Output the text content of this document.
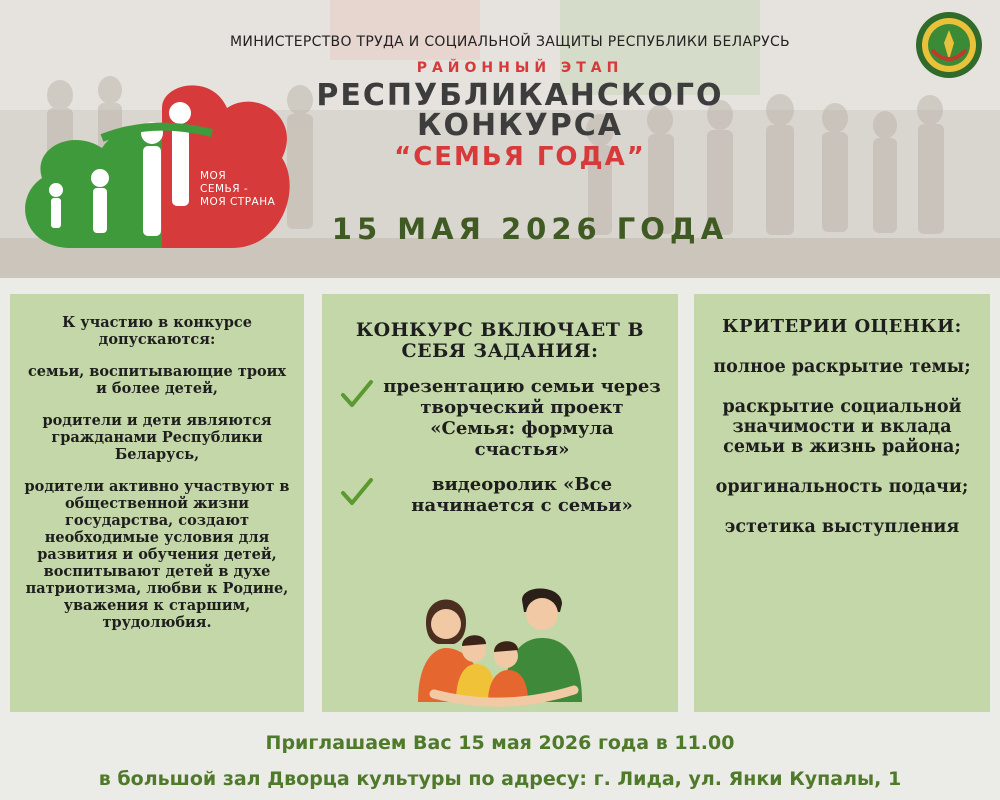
МИНИСТЕРСТВО ТРУДА И СОЦИАЛЬНОЙ ЗАЩИТЫ РЕСПУБЛИКИ БЕЛАРУСЬ
МОЯ
СЕМЬЯ -
МОЯ СТРАНА
РАЙОННЫЙ ЭТАП
РЕСПУБЛИКАНСКОГО
КОНКУРСА
“СЕМЬЯ ГОДА”
15 МАЯ 2026 ГОДА

К участию в конкурсе допускаются:

семьи, воспитывающие троих и более детей,

родители и дети являются гражданами Республики Беларусь,

родители активно участвуют в общественной жизни государства, создают необходимые условия для развития и обучения детей, воспитывают детей в духе патриотизма, любви к Родине, уважения к старшим, трудолюбия.

КОНКУРС ВКЛЮЧАЕТ В СЕБЯ ЗАДАНИЯ:
презентацию семьи через творческий проект «Семья: формула счастья»
видеоролик «Все начинается с семьи»
КРИТЕРИИ ОЦЕНКИ:

полное раскрытие темы;

раскрытие социальной значимости и вклада семьи в жизнь района;

оригинальность подачи;

эстетика выступления

Приглашаем Вас 15 мая 2026 года в 11.00
в большой зал Дворца культуры по адресу: г. Лида, ул. Янки Купалы, 1
